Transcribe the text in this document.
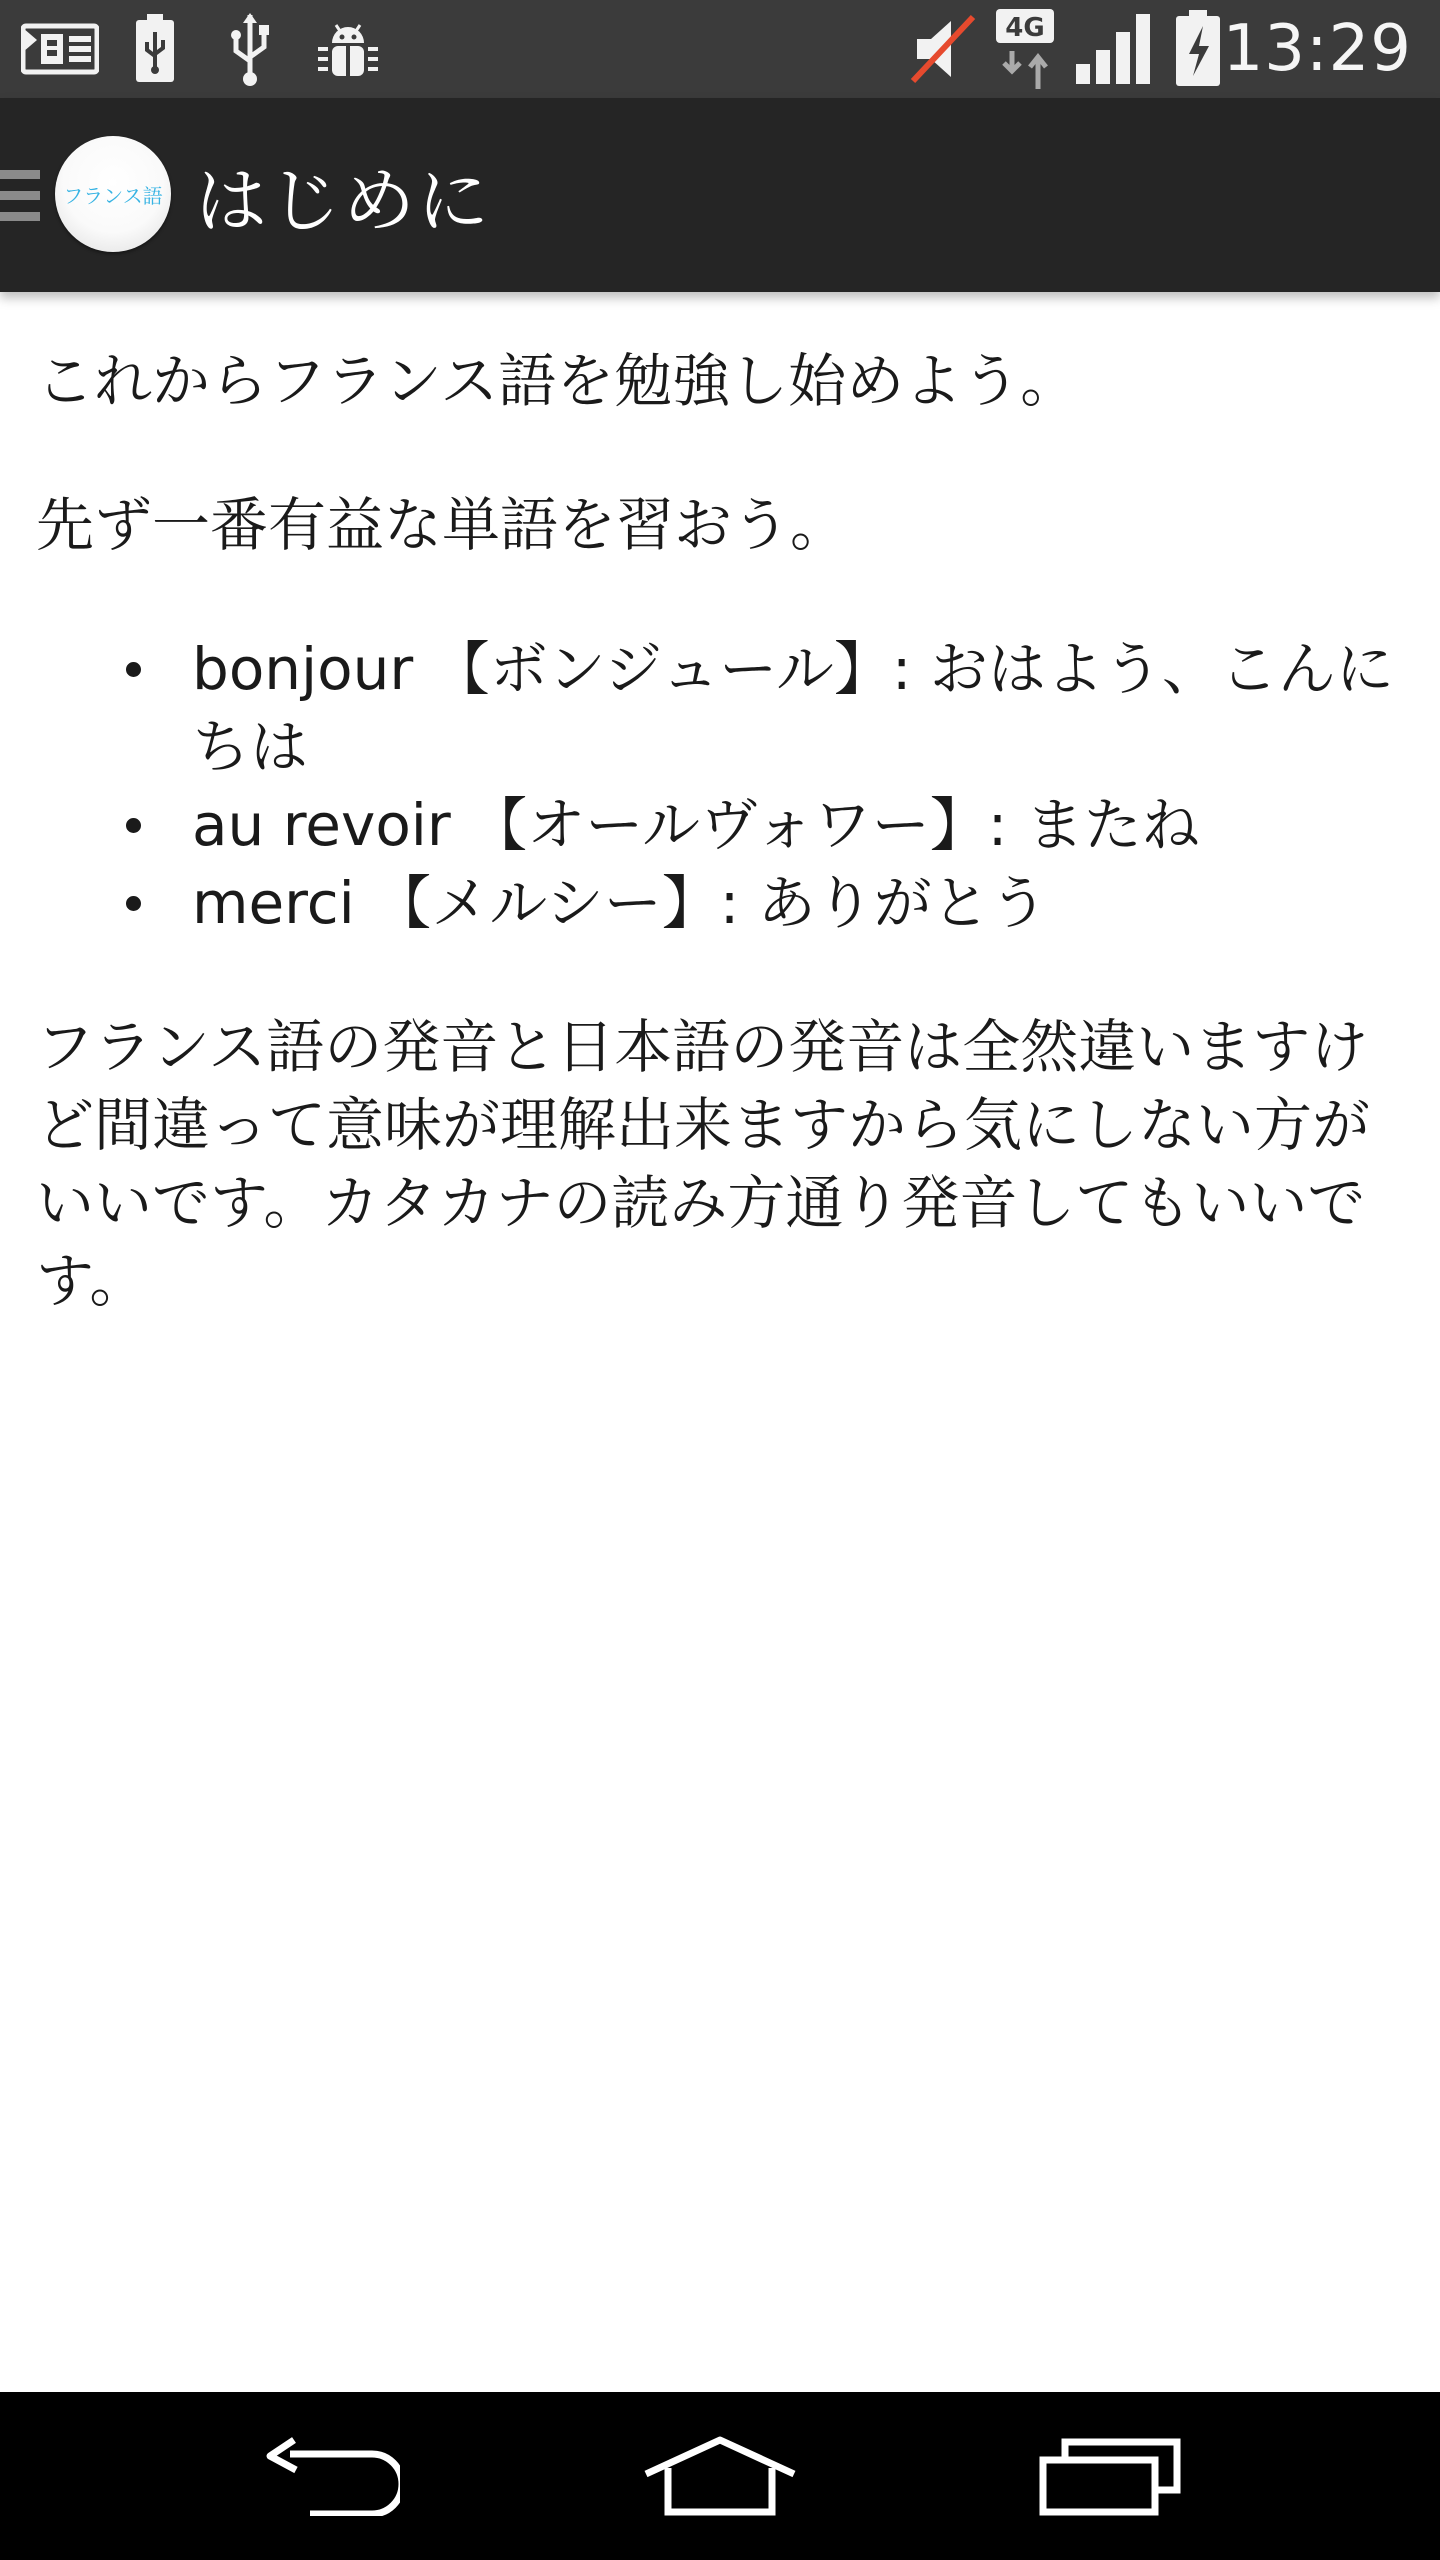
4G	13:29
フランス語 はじめに

これからフランス語を勉強し始めよう。

先ず一番有益な単語を習おう。

bonjour 【ボンジュール】: おはよう、こんにちは
au revoir 【オールヴォワー】: またね
merci 【メルシー】: ありがとう

フランス語の発音と日本語の発音は全然違いますけど間違って意味が理解出来ますから気にしない方がいいです。カタカナの読み方通り発音してもいいです。
